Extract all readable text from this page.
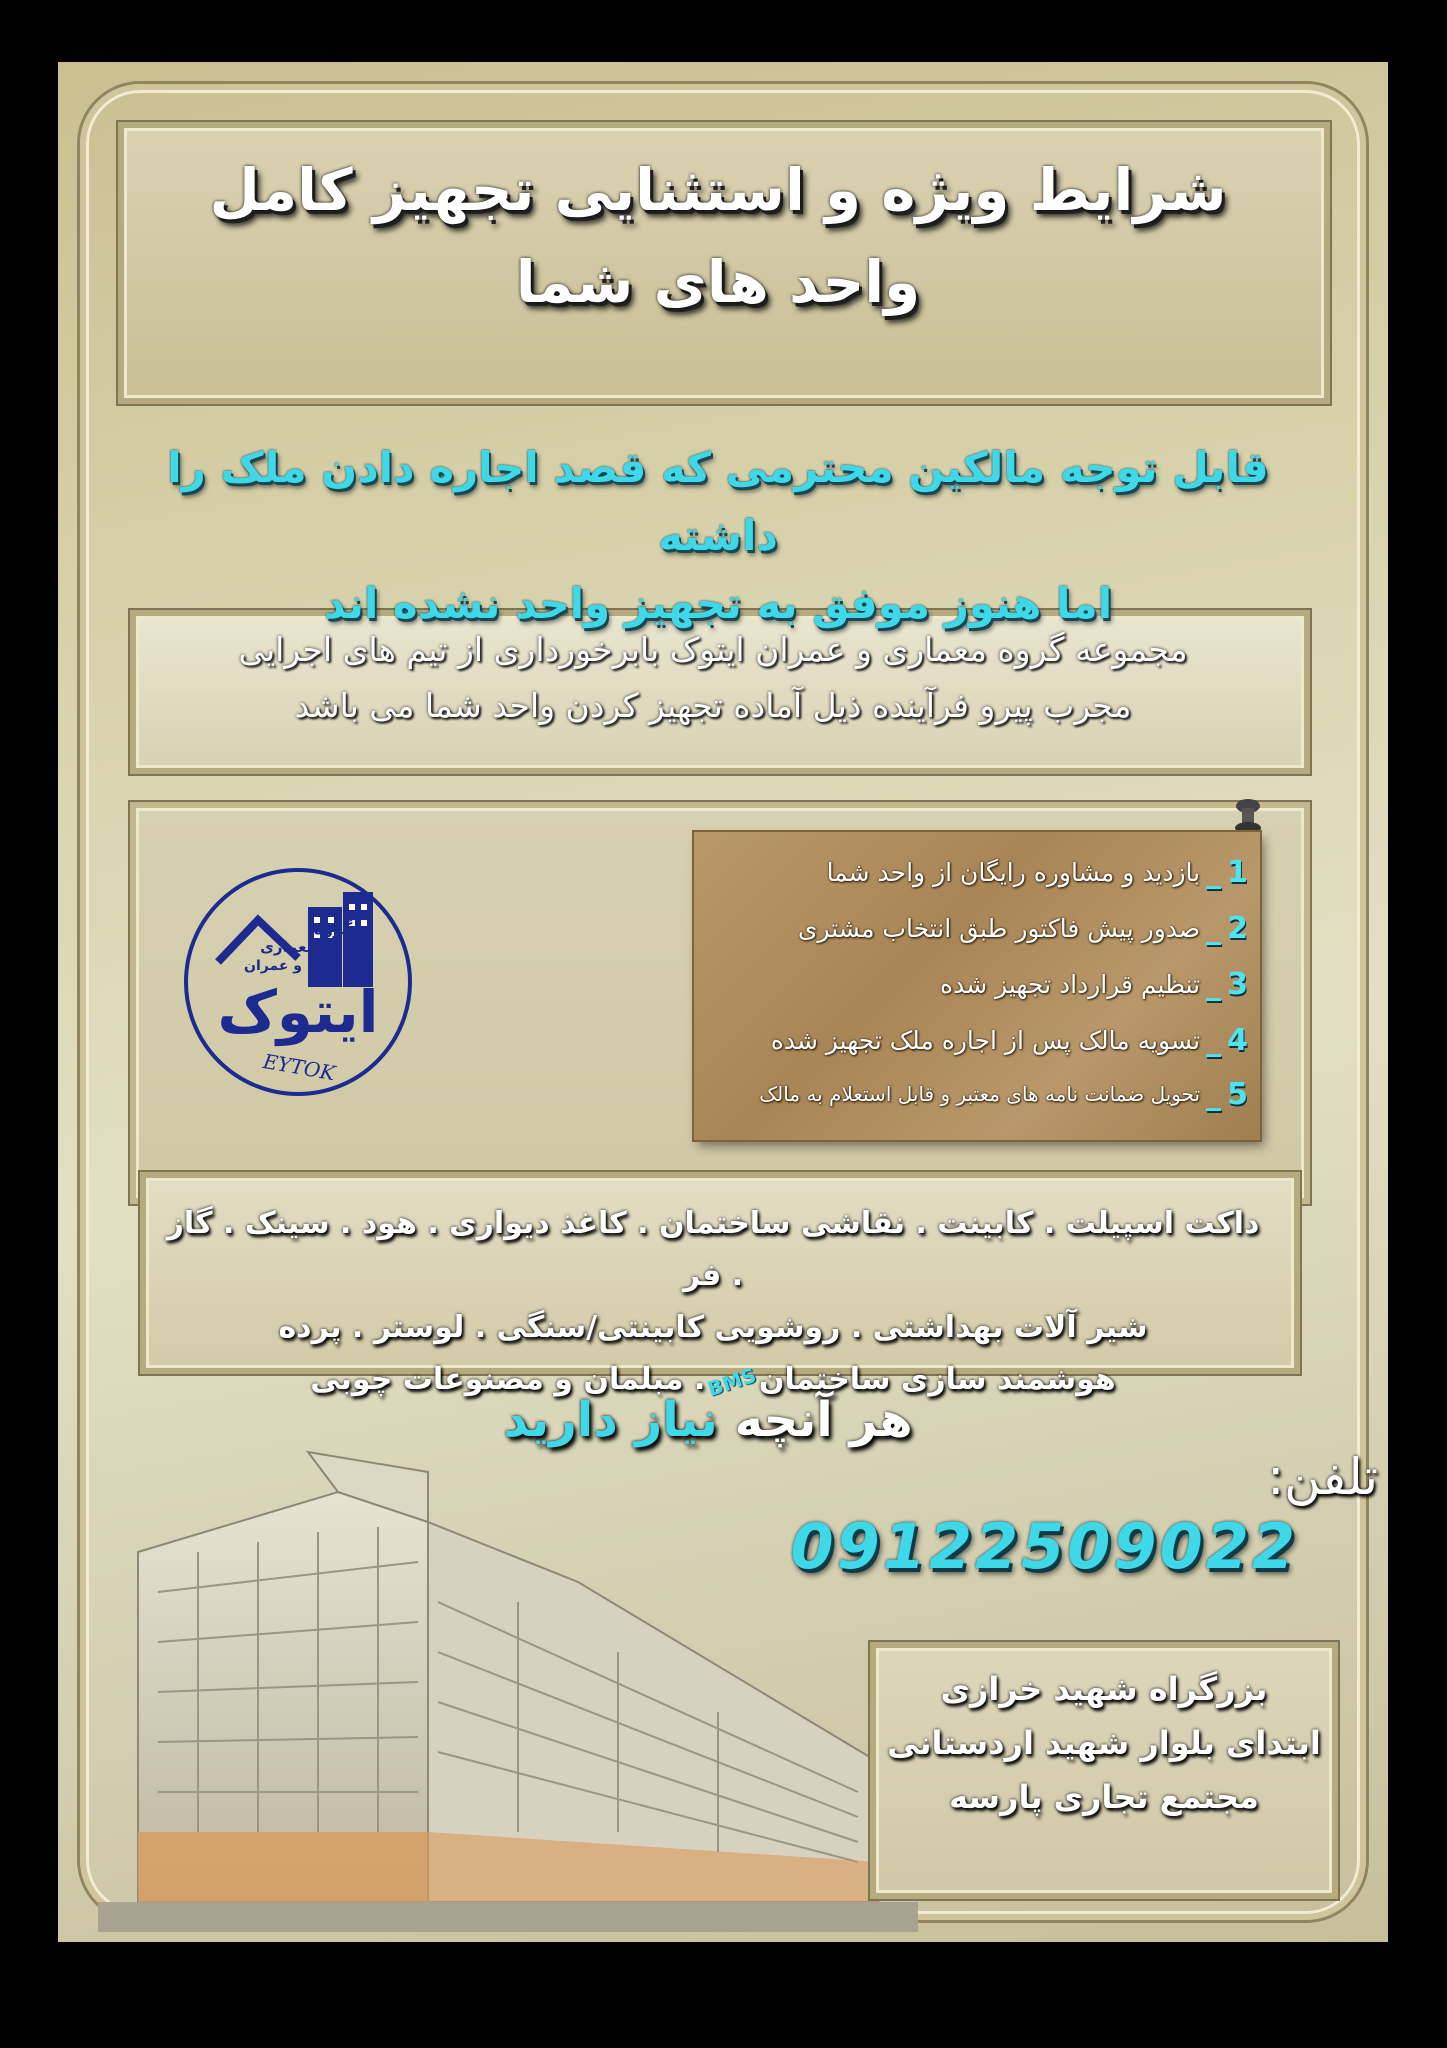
شرایط ویژه و استثنایی تجهیز کامل
واحد های شما
قابل توجه مالکین محترمی که قصد اجاره دادن ملک را داشته
اما هنوز موفق به تجهیز واحد نشده اند
مجموعه گروه معماری و عمران ایتوک بابرخورداری از تیم های اجرایی
مجرب پیرو فرآینده ذیل آماده تجهیز کردن واحد شما می باشد
گروه
معماری
و عمران
ایتوک
EYTOK
1
_
بازدید و مشاوره رایگان از واحد شما
2
_
صدور پیش فاکتور طبق انتخاب مشتری
3
_
تنظیم قرارداد تجهیز شده
4
_
تسویه مالک پس از اجاره ملک تجهیز شده
5
_
تحویل ضمانت نامه های معتبر و قابل استعلام به مالک
داکت اسپیلت . کابینت . نقاشی ساختمان . کاغذ دیواری . هود . سینک . گاز . فر
شیر آلات بهداشتی . روشویی کابینتی/سنگی . لوستر . پرده
هوشمند سازی ساختمانBMS. مبلمان و مصنوعات چوبی
هر آنچه نیاز دارید
تلفن:
09122509022
بزرگراه شهید خرازی
ابتدای بلوار شهید اردستانی
مجتمع تجاری پارسه
